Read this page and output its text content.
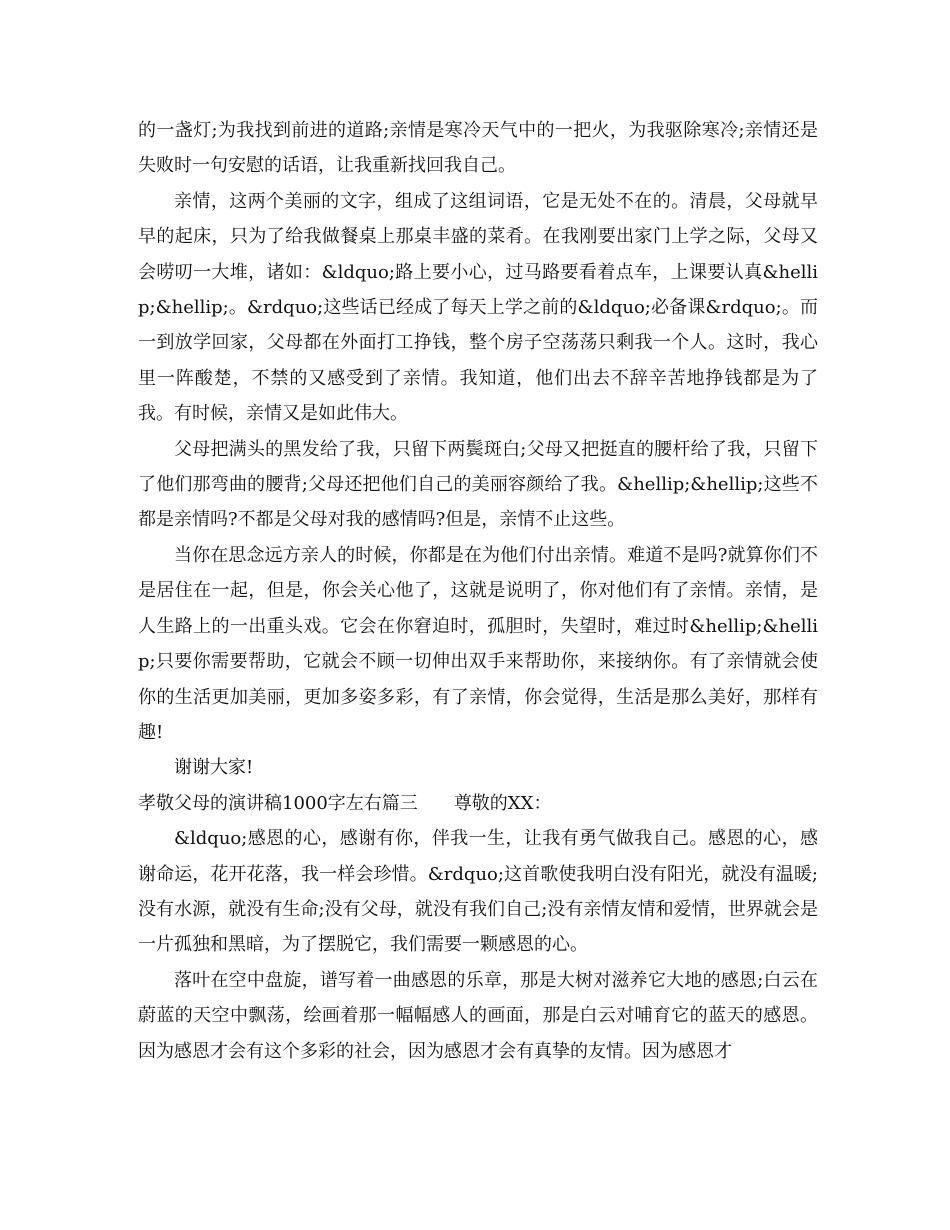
的一盏灯;为我找到前进的道路;亲情是寒冷天气中的一把火，为我驱除寒冷;亲情还是失败时一句安慰的话语，让我重新找回我自己。

亲情，这两个美丽的文字，组成了这组词语，它是无处不在的。清晨，父母就早早的起床，只为了给我做餐桌上那桌丰盛的菜肴。在我刚要出家门上学之际，父母又会唠叨一大堆，诸如：&ldquo;路上要小心，过马路要看着点车，上课要认真&hellip;&hellip;。&rdquo;这些话已经成了每天上学之前的&ldquo;必备课&rdquo;。而一到放学回家，父母都在外面打工挣钱，整个房子空荡荡只剩我一个人。这时，我心里一阵酸楚，不禁的又感受到了亲情。我知道，他们出去不辞辛苦地挣钱都是为了我。有时候，亲情又是如此伟大。

父母把满头的黑发给了我，只留下两鬓斑白;父母又把挺直的腰杆给了我，只留下了他们那弯曲的腰背;父母还把他们自己的美丽容颜给了我。&hellip;&hellip;这些不都是亲情吗?不都是父母对我的感情吗?但是，亲情不止这些。

当你在思念远方亲人的时候，你都是在为他们付出亲情。难道不是吗?就算你们不是居住在一起，但是，你会关心他了，这就是说明了，你对他们有了亲情。亲情，是人生路上的一出重头戏。它会在你窘迫时，孤胆时，失望时，难过时&hellip;&hellip;只要你需要帮助，它就会不顾一切伸出双手来帮助你，来接纳你。有了亲情就会使你的生活更加美丽，更加多姿多彩，有了亲情，你会觉得，生活是那么美好，那样有趣!

谢谢大家!

孝敬父母的演讲稿1000字左右篇三 尊敬的XX：

&ldquo;感恩的心，感谢有你，伴我一生，让我有勇气做我自己。感恩的心，感谢命运，花开花落，我一样会珍惜。&rdquo;这首歌使我明白没有阳光，就没有温暖;没有水源，就没有生命;没有父母，就没有我们自己;没有亲情友情和爱情，世界就会是一片孤独和黑暗，为了摆脱它，我们需要一颗感恩的心。

落叶在空中盘旋，谱写着一曲感恩的乐章，那是大树对滋养它大地的感恩;白云在蔚蓝的天空中飘荡，绘画着那一幅幅感人的画面，那是白云对哺育它的蓝天的感恩。因为感恩才会有这个多彩的社会，因为感恩才会有真挚的友情。因为感恩才
